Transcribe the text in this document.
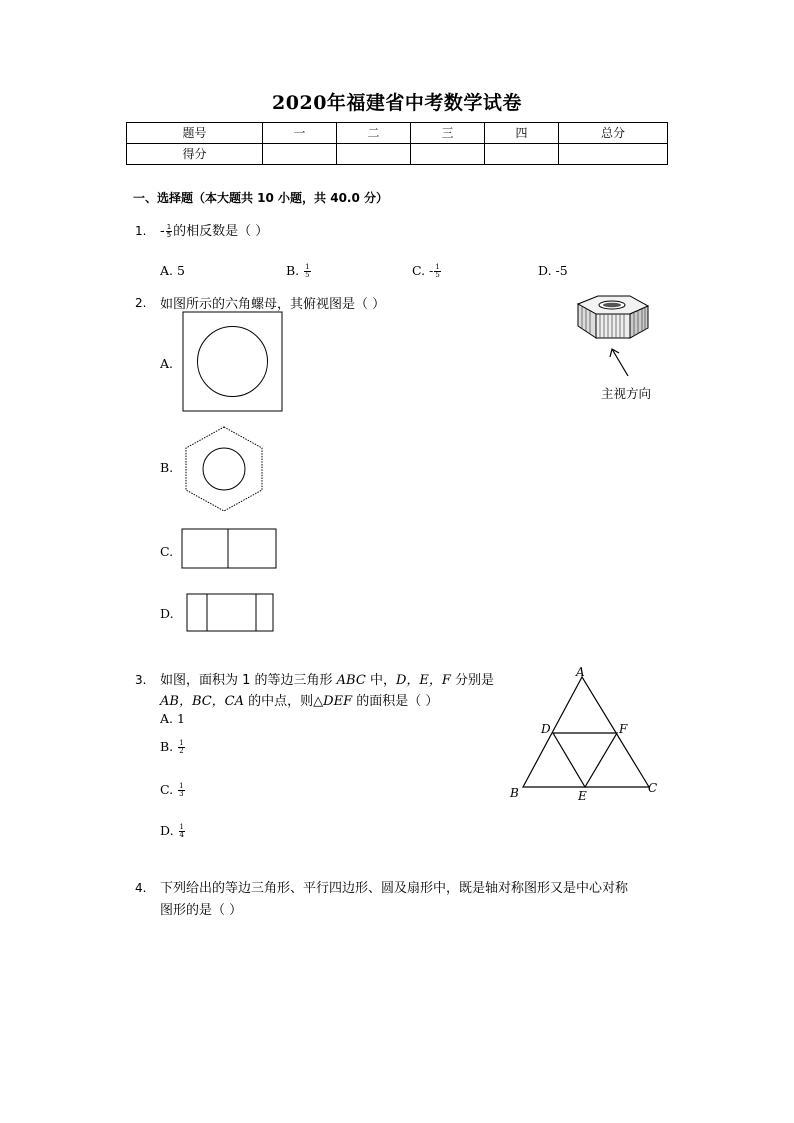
2020年福建省中考数学试卷
题号	一	二	三	四	总分
得分					
一、选择题（本大题共 10 小题，共 40.0 分）
1. - $\frac{1}{5}$ 的相反数是（ ）
A. 5	B. $\frac{1}{5}$	C. - $\frac{1}{5}$	D. -5
2. 如图所示的六角螺母，其俯视图是（ ）
主视方向
A.
B.
C.
D.
3. 如图，面积为 1 的等边三角形 ABC 中，D，E，F 分别是
AB，BC，CA 的中点，则△DEF 的面积是（ ）
A. 1
B. $\frac{1}{2}$
C. $\frac{1}{3}$
D. $\frac{1}{4}$
A
B	C
D
E
F
4. 下列给出的等边三角形、平行四边形、圆及扇形中，既是轴对称图形又是中心对称
图形的是（ ）
